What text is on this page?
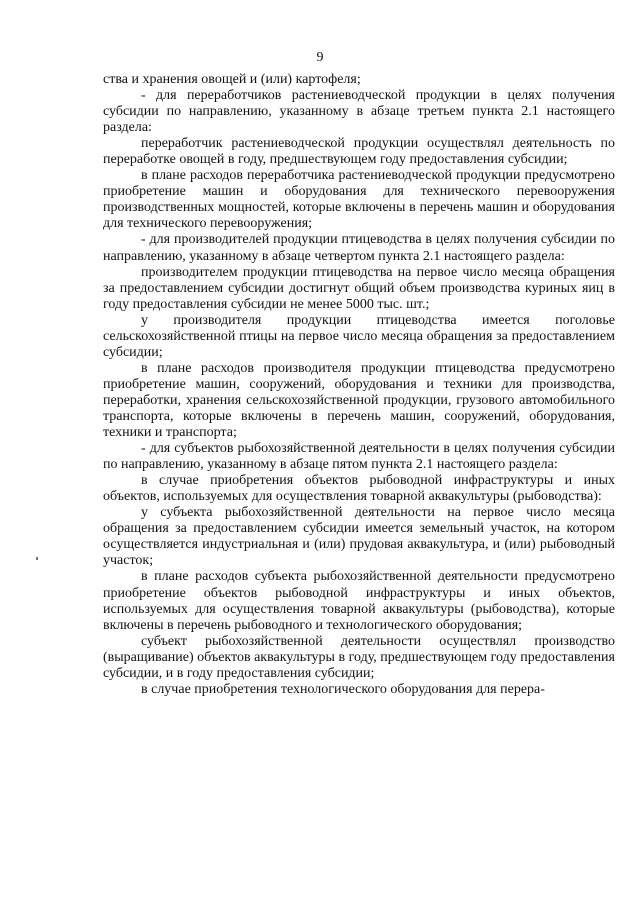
9

ства и хранения овощей и (или) картофеля;

- для переработчиков растениеводческой продукции в целях получения субсидии по направлению, указанному в абзаце третьем пункта 2.1 настоящего раздела:

переработчик растениеводческой продукции осуществлял деятельность по переработке овощей в году, предшествующем году предоставления субсидии;

в плане расходов переработчика растениеводческой продукции предусмотрено приобретение машин и оборудования для технического перевооружения производственных мощностей, которые включены в перечень машин и оборудования для технического перевооружения;

- для производителей продукции птицеводства в целях получения субсидии по направлению, указанному в абзаце четвертом пункта 2.1 настоящего раздела:

производителем продукции птицеводства на первое число месяца обращения за предоставлением субсидии достигнут общий объем производства куриных яиц в году предоставления субсидии не менее 5000 тыс. шт.;

у производителя продукции птицеводства имеется поголовье сельскохозяйственной птицы на первое число месяца обращения за предоставлением субсидии;

в плане расходов производителя продукции птицеводства предусмотрено приобретение машин, сооружений, оборудования и техники для производства, переработки, хранения сельскохозяйственной продукции, грузового автомобильного транспорта, которые включены в перечень машин, сооружений, оборудования, техники и транспорта;

- для субъектов рыбохозяйственной деятельности в целях получения субсидии по направлению, указанному в абзаце пятом пункта 2.1 настоящего раздела:

в случае приобретения объектов рыбоводной инфраструктуры и иных объектов, используемых для осуществления товарной аквакультуры (рыбоводства):

у субъекта рыбохозяйственной деятельности на первое число месяца обращения за предоставлением субсидии имеется земельный участок, на котором осуществляется индустриальная и (или) прудовая аквакультура, и (или) рыбоводный участок;

в плане расходов субъекта рыбохозяйственной деятельности предусмотрено приобретение объектов рыбоводной инфраструктуры и иных объектов, используемых для осуществления товарной аквакультуры (рыбоводства), которые включены в перечень рыбоводного и технологического оборудования;

субъект рыбохозяйственной деятельности осуществлял производство (выращивание) объектов аквакультуры в году, предшествующем году предоставления субсидии, и в году предоставления субсидии;

в случае приобретения технологического оборудования для перера-
